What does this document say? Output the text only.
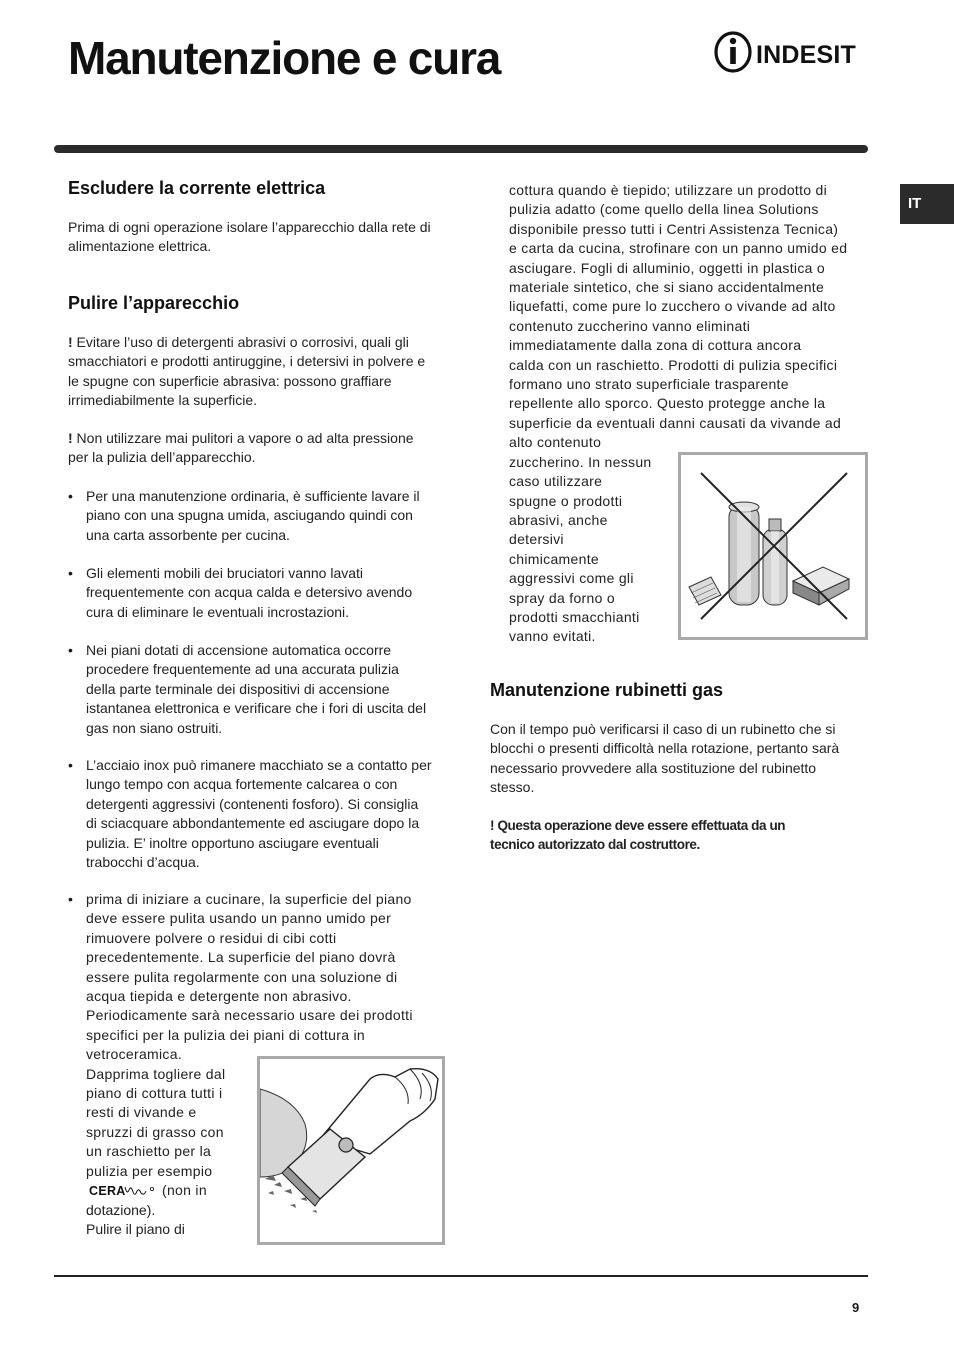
Manutenzione e cura	INDESIT
IT
Escludere la corrente elettrica

Prima di ogni operazione isolare l’apparecchio dalla rete di

alimentazione elettrica.

Pulire l’apparecchio

! Evitare l’uso di detergenti abrasivi o corrosivi, quali gli

smacchiatori e prodotti antiruggine, i detersivi in polvere e

le spugne con superficie abrasiva: possono graffiare

irrimediabilmente la superficie.

! Non utilizzare mai pulitori a vapore o ad alta pressione

per la pulizia dell’apparecchio.

• Per una manutenzione ordinaria, è sufficiente lavare il

piano con una spugna umida, asciugando quindi con

una carta assorbente per cucina.

• Gli elementi mobili dei bruciatori vanno lavati

frequentemente con acqua calda e detersivo avendo

cura di eliminare le eventuali incrostazioni.

• Nei piani dotati di accensione automatica occorre

procedere frequentemente ad una accurata pulizia

della parte terminale dei dispositivi di accensione

istantanea elettronica e verificare che i fori di uscita del

gas non siano ostruiti.

• L’acciaio inox può rimanere macchiato se a contatto per

lungo tempo con acqua fortemente calcarea o con

detergenti aggressivi (contenenti fosforo). Si consiglia

di sciacquare abbondantemente ed asciugare dopo la

pulizia. E’ inoltre opportuno asciugare eventuali

trabocchi d’acqua.

• prima di iniziare a cucinare, la superficie del piano

deve essere pulita usando un panno umido per

rimuovere polvere o residui di cibi cotti

precedentemente. La superficie del piano dovrà

essere pulita regolarmente con una soluzione di

acqua tiepida e detergente non abrasivo.

Periodicamente sarà necessario usare dei prodotti

specifici per la pulizia dei piani di cottura in

vetroceramica.

Dapprima togliere dal

piano di cottura tutti i

resti di vivande e

spruzzi di grasso con

un raschietto per la

pulizia per esempio

CERA	(non in

dotazione).

Pulire il piano di

cottura quando è tiepido; utilizzare un prodotto di

pulizia adatto (come quello della linea Solutions

disponibile presso tutti i Centri Assistenza Tecnica)

e carta da cucina, strofinare con un panno umido ed

asciugare. Fogli di alluminio, oggetti in plastica o

materiale sintetico, che si siano accidentalmente

liquefatti, come pure lo zucchero o vivande ad alto

contenuto zuccherino vanno eliminati

immediatamente dalla zona di cottura ancora

calda con un raschietto. Prodotti di pulizia specifici

formano uno strato superficiale trasparente

repellente allo sporco. Questo protegge anche la

superficie da eventuali danni causati da vivande ad

alto contenuto

zuccherino. In nessun

caso utilizzare

spugne o prodotti

abrasivi, anche

detersivi

chimicamente

aggressivi come gli

spray da forno o

prodotti smacchianti

vanno evitati.

Manutenzione rubinetti gas

Con il tempo può verificarsi il caso di un rubinetto che si

blocchi o presenti difficoltà nella rotazione, pertanto sarà

necessario provvedere alla sostituzione del rubinetto

stesso.

! Questa operazione deve essere effettuata da un

tecnico autorizzato dal costruttore.

9
